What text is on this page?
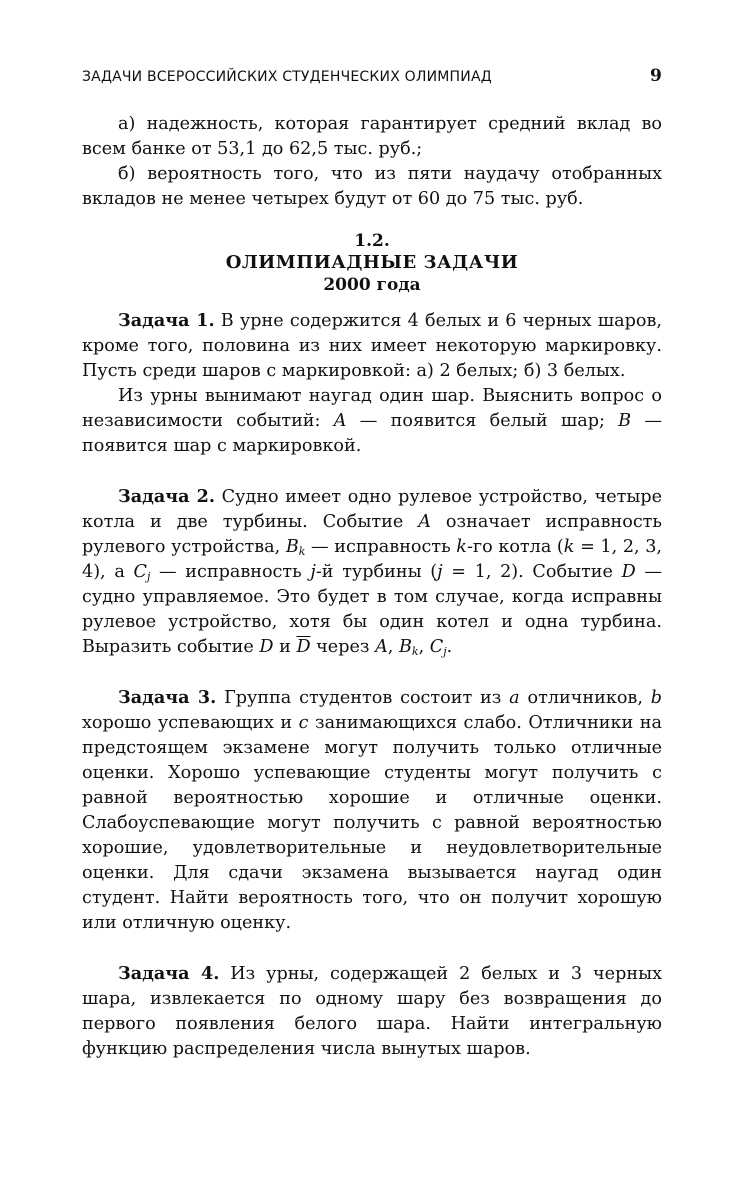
ЗАДАЧИ ВСЕРОССИЙСКИХ СТУДЕНЧЕСКИХ ОЛИМПИАД	9

а) надежность, которая гарантирует средний вклад во всем банке от 53,1 до 62,5 тыс. руб.;

б) вероятность того, что из пяти наудачу отобранных вкладов не менее четырех будут от 60 до 75 тыс. руб.

1.2.
ОЛИМПИАДНЫЕ ЗАДАЧИ
2000 года

Задача 1. В урне содержится 4 белых и 6 черных шаров, кроме того, половина из них имеет некоторую маркировку. Пусть среди шаров с маркировкой: а) 2 белых; б) 3 белых.

Из урны вынимают наугад один шар. Выяснить вопрос о независимости событий: A — появится белый шар; B — появится шар с маркировкой.

Задача 2. Судно имеет одно рулевое устройство, четыре котла и две турбины. Событие A означает исправность рулевого устройства, $B_k$ — исправность k-го котла (k = 1, 2, 3, 4), а $C_j$ — исправность j-й турбины (j = 1, 2). Событие D — судно управляемое. Это будет в том случае, когда исправны рулевое устройство, хотя бы один котел и одна турбина. Выразить событие D и $\overline{D}$ через A, $B_k$, $C_j$.

Задача 3. Группа студентов состоит из a отличников, b хорошо успевающих и c занимающихся слабо. Отличники на предстоящем экзамене могут получить только отличные оценки. Хорошо успевающие студенты могут получить с равной вероятностью хорошие и отличные оценки. Слабоуспевающие могут получить с равной вероятностью хорошие, удовлетворительные и неудовлетворительные оценки. Для сдачи экзамена вызывается наугад один студент. Найти вероятность того, что он получит хорошую или отличную оценку.

Задача 4. Из урны, содержащей 2 белых и 3 черных шара, извлекается по одному шару без возвращения до первого появления белого шара. Найти интегральную функцию распределения числа вынутых шаров.
